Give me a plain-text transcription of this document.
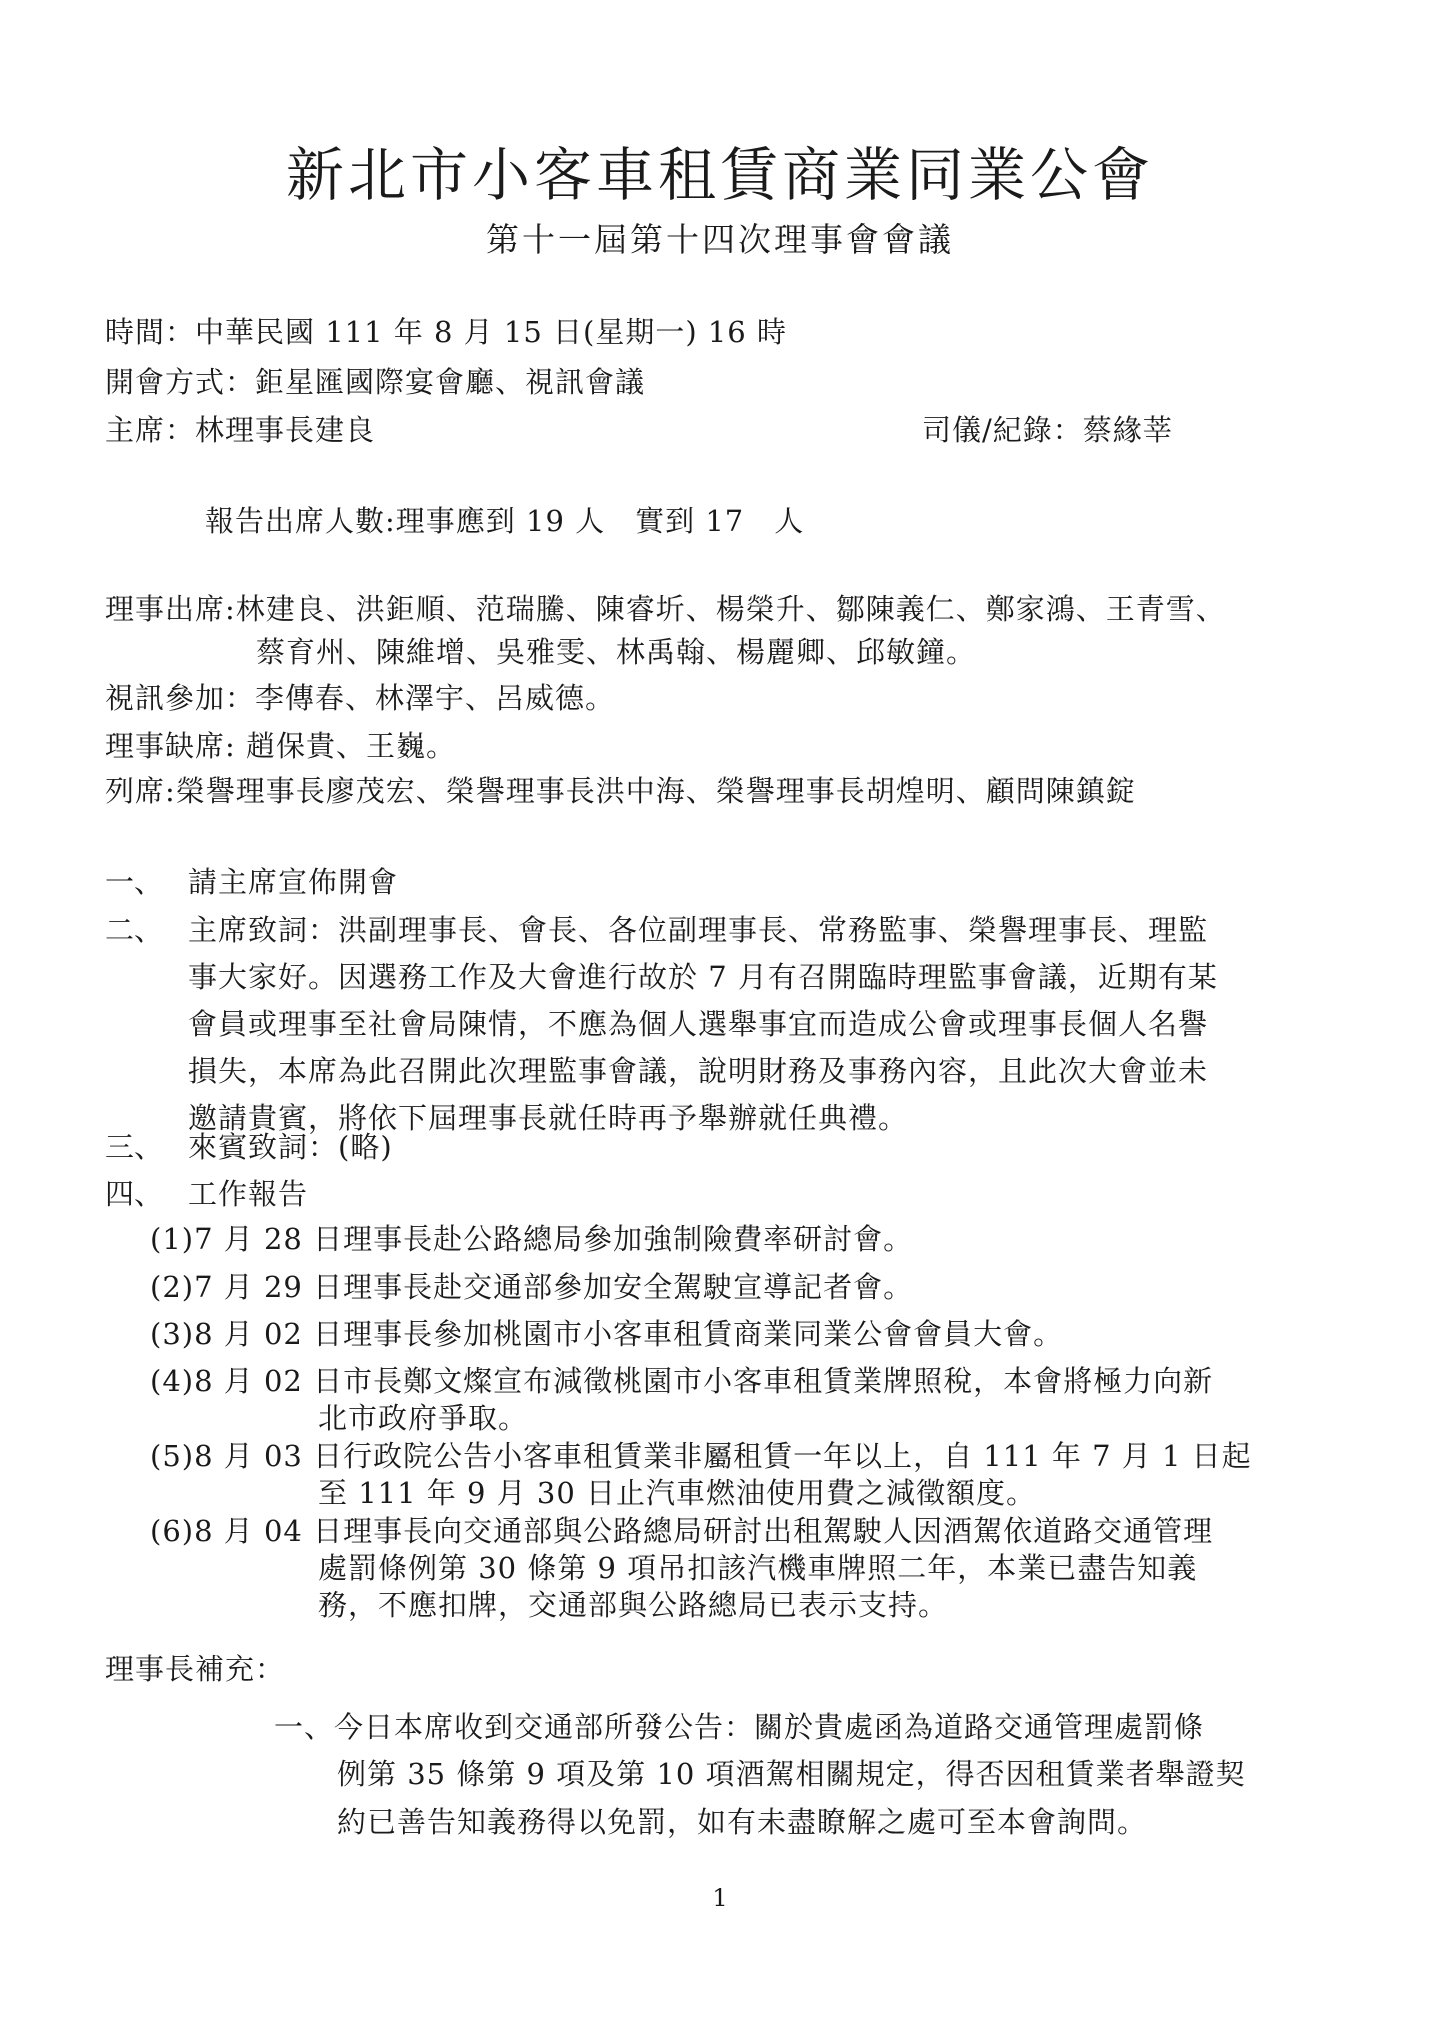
新北市小客車租賃商業同業公會
第十一屆第十四次理事會會議
時間：中華民國 111 年 8 月 15 日(星期一) 16 時
開會方式：鉅星匯國際宴會廳、視訊會議
主席：林理事長建良	司儀/紀錄：蔡緣莘
報告出席人數:理事應到 19 人　實到 17　人
理事出席:林建良、洪鉅順、范瑞騰、陳睿圻、楊榮升、鄒陳義仁、鄭家鴻、王青雪、
蔡育州、陳維增、吳雅雯、林禹翰、楊麗卿、邱敏鐘。
視訊參加：李傳春、林澤宇、呂威德。
理事缺席: 趙保貴、王巍。
列席:榮譽理事長廖茂宏、榮譽理事長洪中海、榮譽理事長胡煌明、顧問陳鎮錠
一、 請主席宣佈開會
二、 主席致詞：洪副理事長、會長、各位副理事長、常務監事、榮譽理事長、理監
事大家好。因選務工作及大會進行故於 7 月有召開臨時理監事會議，近期有某
會員或理事至社會局陳情，不應為個人選舉事宜而造成公會或理事長個人名譽
損失，本席為此召開此次理監事會議，說明財務及事務內容，且此次大會並未
邀請貴賓，將依下屆理事長就任時再予舉辦就任典禮。
三、 來賓致詞：(略)
四、 工作報告
(1)7 月 28 日理事長赴公路總局參加強制險費率研討會。
(2)7 月 29 日理事長赴交通部參加安全駕駛宣導記者會。
(3)8 月 02 日理事長參加桃園市小客車租賃商業同業公會會員大會。
(4)8 月 02 日市長鄭文燦宣布減徵桃園市小客車租賃業牌照稅，本會將極力向新
北市政府爭取。
(5)8 月 03 日行政院公告小客車租賃業非屬租賃一年以上，自 111 年 7 月 1 日起
至 111 年 9 月 30 日止汽車燃油使用費之減徵額度。
(6)8 月 04 日理事長向交通部與公路總局研討出租駕駛人因酒駕依道路交通管理
處罰條例第 30 條第 9 項吊扣該汽機車牌照二年，本業已盡告知義
務，不應扣牌，交通部與公路總局已表示支持。
理事長補充：
一、今日本席收到交通部所發公告：關於貴處函為道路交通管理處罰條
例第 35 條第 9 項及第 10 項酒駕相關規定，得否因租賃業者舉證契
約已善告知義務得以免罰，如有未盡瞭解之處可至本會詢問。
1
